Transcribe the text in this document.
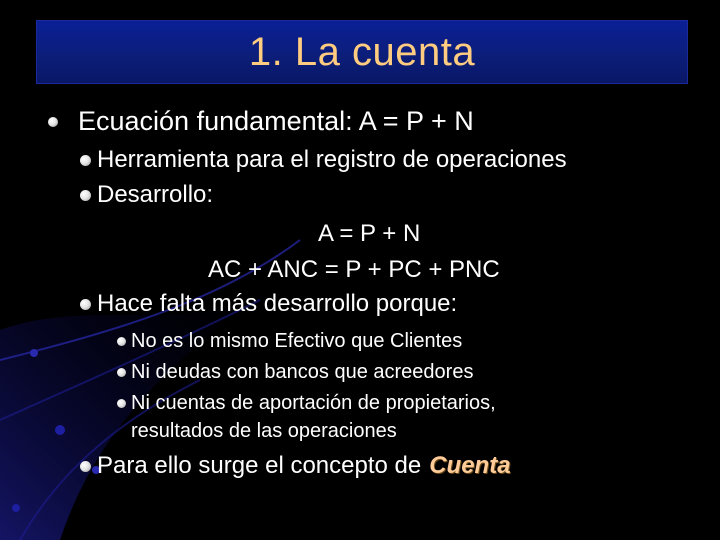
1. La cuenta
Ecuación fundamental: A = P + N
Herramienta para el registro de operaciones
Desarrollo:
A = P + N
AC + ANC = P + PC + PNC
Hace falta más desarrollo porque:
No es lo mismo Efectivo que Clientes
Ni deudas con bancos que acreedores
Ni cuentas de aportación de propietarios,
resultados de las operaciones
Para ello surge el concepto de Cuenta
